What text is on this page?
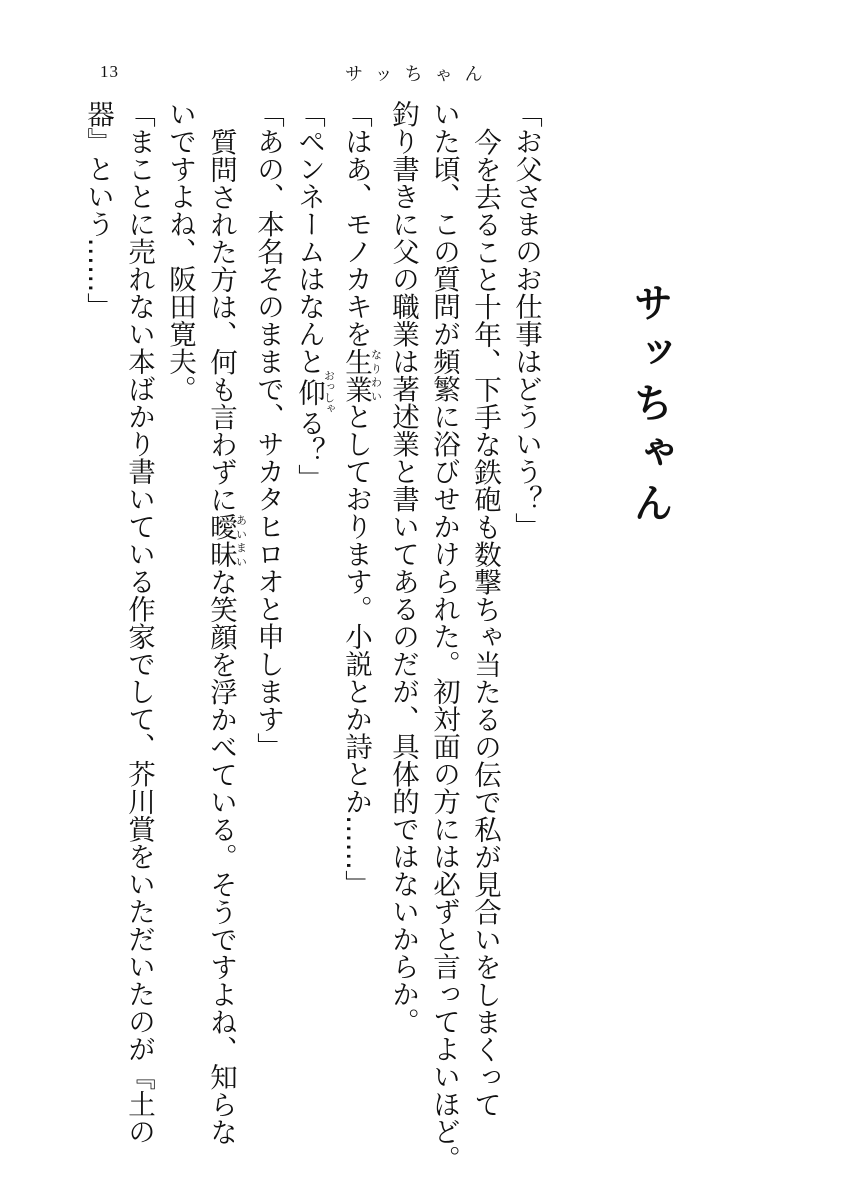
13	サッちゃん
サッちゃん
「お父さまのお仕事はどういう？」
今を去ること十年、下手な鉄砲も数撃ちゃ当たるの伝で私が見合いをしまくって
いた頃、この質問が頻繁に浴びせかけられた。初対面の方には必ずと言ってよいほど。
釣り書きに父の職業は著述業と書いてあるのだが、具体的ではないからか。
「はあ、モノカキを生業なりわいとしております。小説とか詩とか……」
「ペンネームはなんと仰おっしゃる？」
「あの、本名そのままで、サカタヒロオと申します」
質問された方は、何も言わずに曖昧あいまいな笑顔を浮かべている。そうですよね、知らな
いですよね、阪田寛夫。
「まことに売れない本ばかり書いている作家でして、芥川賞をいただいたのが『土の
器』という……」
